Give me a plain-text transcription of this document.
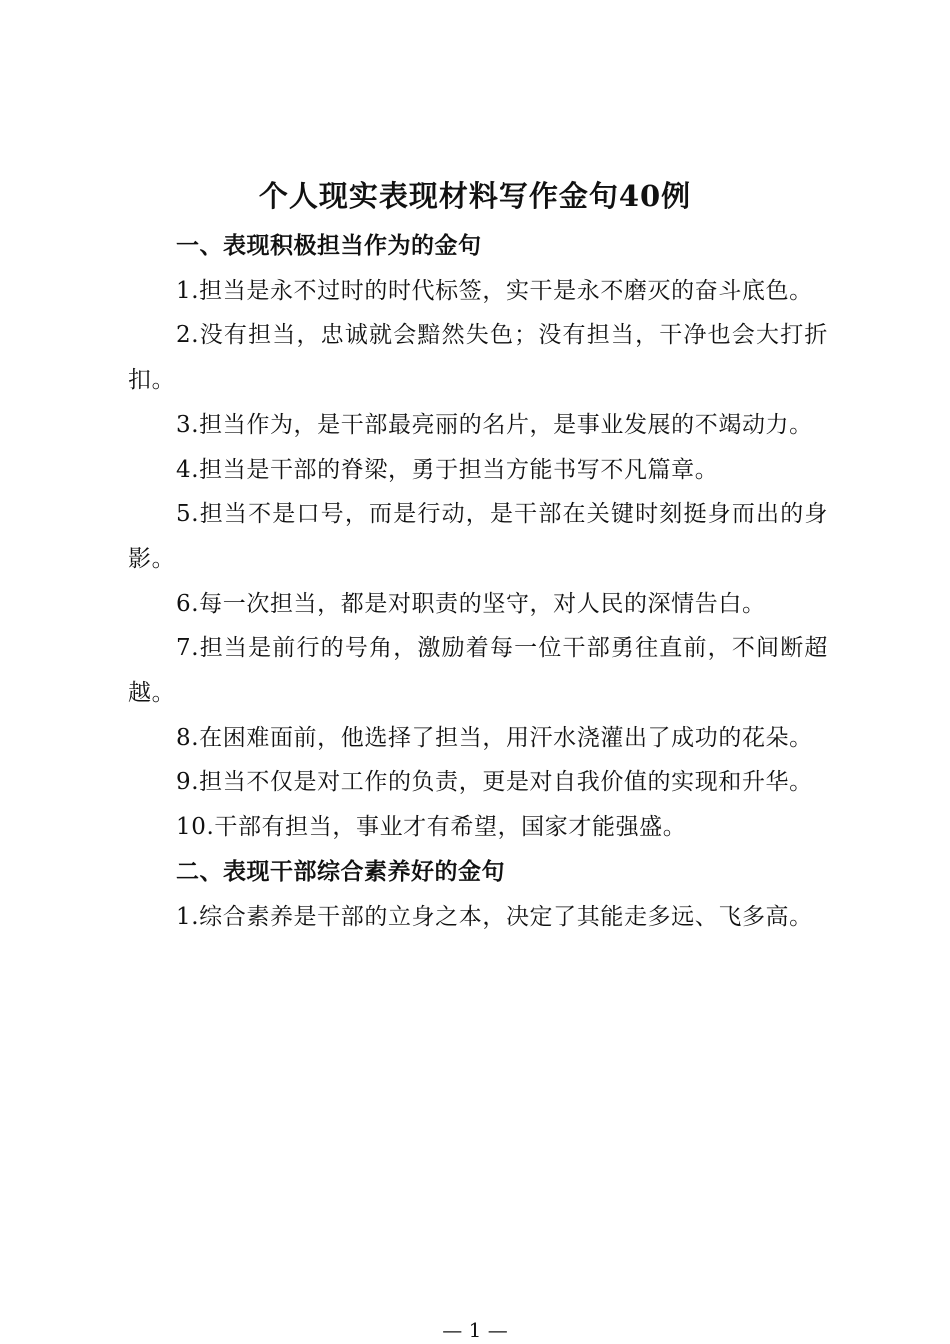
个人现实表现材料写作金句40例
一、表现积极担当作为的金句

1.担当是永不过时的时代标签，实干是永不磨灭的奋斗底色。

2.没有担当，忠诚就会黯然失色；没有担当，干净也会大打折扣。

3.担当作为，是干部最亮丽的名片，是事业发展的不竭动力。

4.担当是干部的脊梁，勇于担当方能书写不凡篇章。

5.担当不是口号，而是行动，是干部在关键时刻挺身而出的身影。

6.每一次担当，都是对职责的坚守，对人民的深情告白。

7.担当是前行的号角，激励着每一位干部勇往直前，不间断超越。

8.在困难面前，他选择了担当，用汗水浇灌出了成功的花朵。

9.担当不仅是对工作的负责，更是对自我价值的实现和升华。

10.干部有担当，事业才有希望，国家才能强盛。

二、表现干部综合素养好的金句

1.综合素养是干部的立身之本，决定了其能走多远、飞多高。

— 1 —
